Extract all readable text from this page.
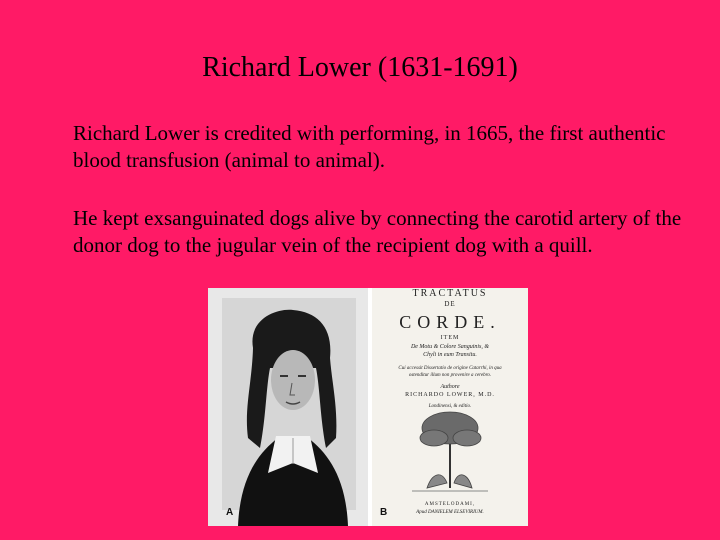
Richard Lower (1631-1691)
Richard Lower is credited with performing, in 1665, the first authentic blood transfusion (animal to animal).
He kept exsanguinated dogs alive by connecting the carotid artery of the donor dog to the jugular vein of the recipient dog with a quill.
A
TRACTATUS
DE
CORDE.
ITEM
De Motu & Colore Sanguinis, &
Chyli in eum Transitu.
Cui accessit Dissertatio de origine Catarrhi, in qua
ostenditur illum non provenire a cerebro.
Authore
RICHARDO LOWER, M.D.
Londinensi, & editio.
AMSTELODAMI,
Apud DANIELEM ELSEVIRIUM.
B
